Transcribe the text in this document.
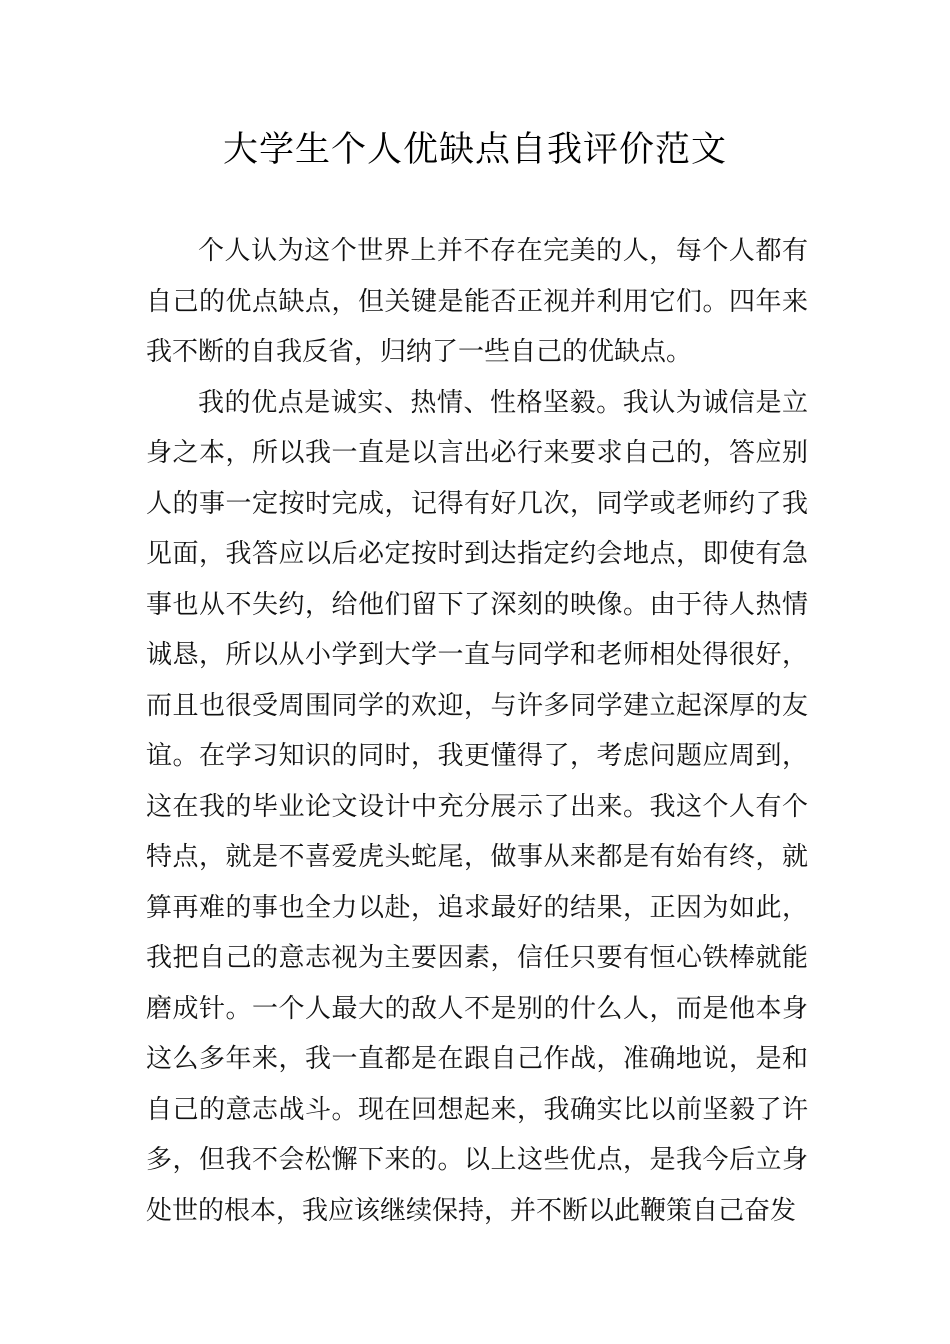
大学生个人优缺点自我评价范文

个人认为这个世界上并不存在完美的人，每个人都有自己的优点缺点，但关键是能否正视并利用它们。四年来我不断的自我反省，归纳了一些自己的优缺点。

我的优点是诚实、热情、性格坚毅。我认为诚信是立身之本，所以我一直是以言出必行来要求自己的，答应别人的事一定按时完成，记得有好几次，同学或老师约了我见面，我答应以后必定按时到达指定约会地点，即使有急事也从不失约，给他们留下了深刻的映像。由于待人热情诚恳，所以从小学到大学一直与同学和老师相处得很好，而且也很受周围同学的欢迎，与许多同学建立起深厚的友谊。在学习知识的同时，我更懂得了，考虑问题应周到，这在我的毕业论文设计中充分展示了出来。我这个人有个特点，就是不喜爱虎头蛇尾，做事从来都是有始有终，就算再难的事也全力以赴，追求最好的结果，正因为如此，我把自己的意志视为主要因素，信任只要有恒心铁棒就能磨成针。一个人最大的敌人不是别的什么人，而是他本身这么多年来，我一直都是在跟自己作战，准确地说，是和自己的意志战斗。现在回想起来，我确实比以前坚毅了许多，但我不会松懈下来的。以上这些优点，是我今后立身处世的根本，我应该继续保持，并不断以此鞭策自己奋发
